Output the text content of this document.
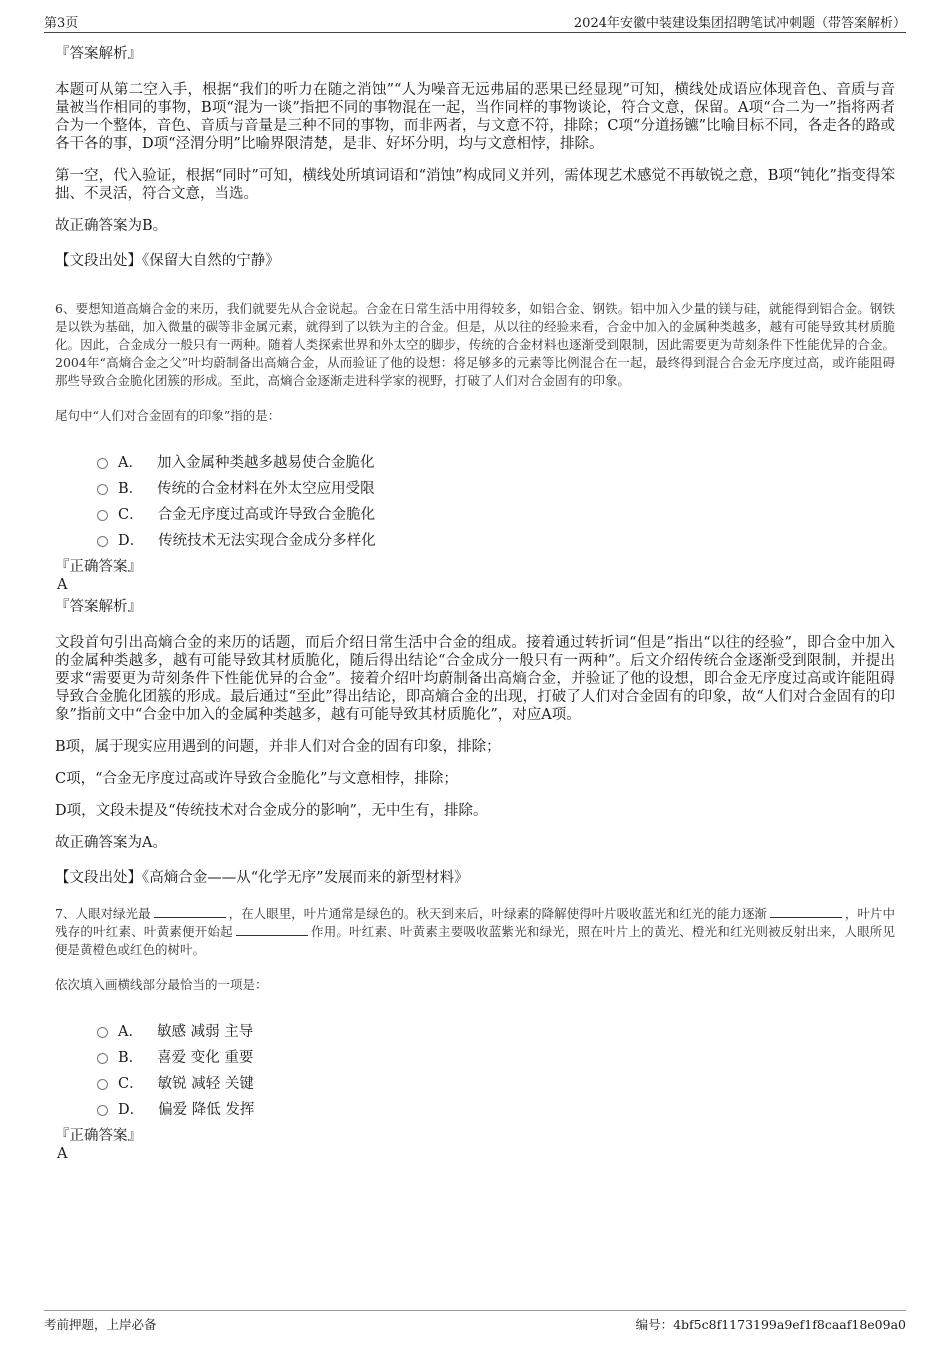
第3页	2024年安徽中装建设集团招聘笔试冲刺题（带答案解析）

『答案解析』

本题可从第二空入手，根据“我们的听力在随之消蚀”“人为噪音无远弗届的恶果已经显现”可知，横线处成语应体现音色、音质与音量被当作相同的事物，B项“混为一谈”指把不同的事物混在一起，当作同样的事物谈论，符合文意，保留。A项“合二为一”指将两者合为一个整体，音色、音质与音量是三种不同的事物，而非两者，与文意不符，排除；C项“分道扬镳”比喻目标不同，各走各的路或各干各的事，D项“泾渭分明”比喻界限清楚，是非、好坏分明，均与文意相悖，排除。

第一空，代入验证，根据“同时”可知，横线处所填词语和“消蚀”构成同义并列，需体现艺术感觉不再敏锐之意，B项“钝化”指变得笨拙、不灵活，符合文意，当选。

故正确答案为B。

【文段出处】《保留大自然的宁静》

6、要想知道高熵合金的来历，我们就要先从合金说起。合金在日常生活中用得较多，如铝合金、钢铁。铝中加入少量的镁与硅，就能得到铝合金。钢铁是以铁为基础，加入微量的碳等非金属元素，就得到了以铁为主的合金。但是，从以往的经验来看，合金中加入的金属种类越多，越有可能导致其材质脆化。因此，合金成分一般只有一两种。随着人类探索世界和外太空的脚步，传统的合金材料也逐渐受到限制，因此需要更为苛刻条件下性能优异的合金。2004年“高熵合金之父”叶均蔚制备出高熵合金，从而验证了他的设想：将足够多的元素等比例混合在一起，最终得到混合合金无序度过高，或许能阻碍那些导致合金脆化团簇的形成。至此，高熵合金逐渐走进科学家的视野，打破了人们对合金固有的印象。

尾句中“人们对合金固有的印象”指的是：

A． 加入金属种类越多越易使合金脆化
B． 传统的合金材料在外太空应用受限
C． 合金无序度过高或许导致合金脆化
D． 传统技术无法实现合金成分多样化

『正确答案』

A

『答案解析』

文段首句引出高熵合金的来历的话题，而后介绍日常生活中合金的组成。接着通过转折词“但是”指出“以往的经验”，即合金中加入的金属种类越多，越有可能导致其材质脆化，随后得出结论“合金成分一般只有一两种”。后文介绍传统合金逐渐受到限制，并提出要求“需要更为苛刻条件下性能优异的合金”。接着介绍叶均蔚制备出高熵合金，并验证了他的设想，即合金无序度过高或许能阻碍导致合金脆化团簇的形成。最后通过“至此”得出结论，即高熵合金的出现，打破了人们对合金固有的印象，故“人们对合金固有的印象”指前文中“合金中加入的金属种类越多，越有可能导致其材质脆化”，对应A项。

B项，属于现实应用遇到的问题，并非人们对合金的固有印象，排除；

C项，“合金无序度过高或许导致合金脆化”与文意相悖，排除；

D项，文段未提及“传统技术对合金成分的影响”，无中生有，排除。

故正确答案为A。

【文段出处】《高熵合金——从“化学无序”发展而来的新型材料》

7、人眼对绿光最	，在人眼里，叶片通常是绿色的。秋天到来后，叶绿素的降解使得叶片吸收蓝光和红光的能力逐渐	，叶片中残存的叶红素、叶黄素便开始起	作用。叶红素、叶黄素主要吸收蓝紫光和绿光，照在叶片上的黄光、橙光和红光则被反射出来，人眼所见便是黄橙色或红色的树叶。

依次填入画横线部分最恰当的一项是：

A． 敏感 减弱 主导
B． 喜爱 变化 重要
C． 敏锐 减轻 关键
D． 偏爱 降低 发挥

『正确答案』

A

考前押题，上岸必备	编号：4bf5c8f1173199a9ef1f8caaf18e09a0
